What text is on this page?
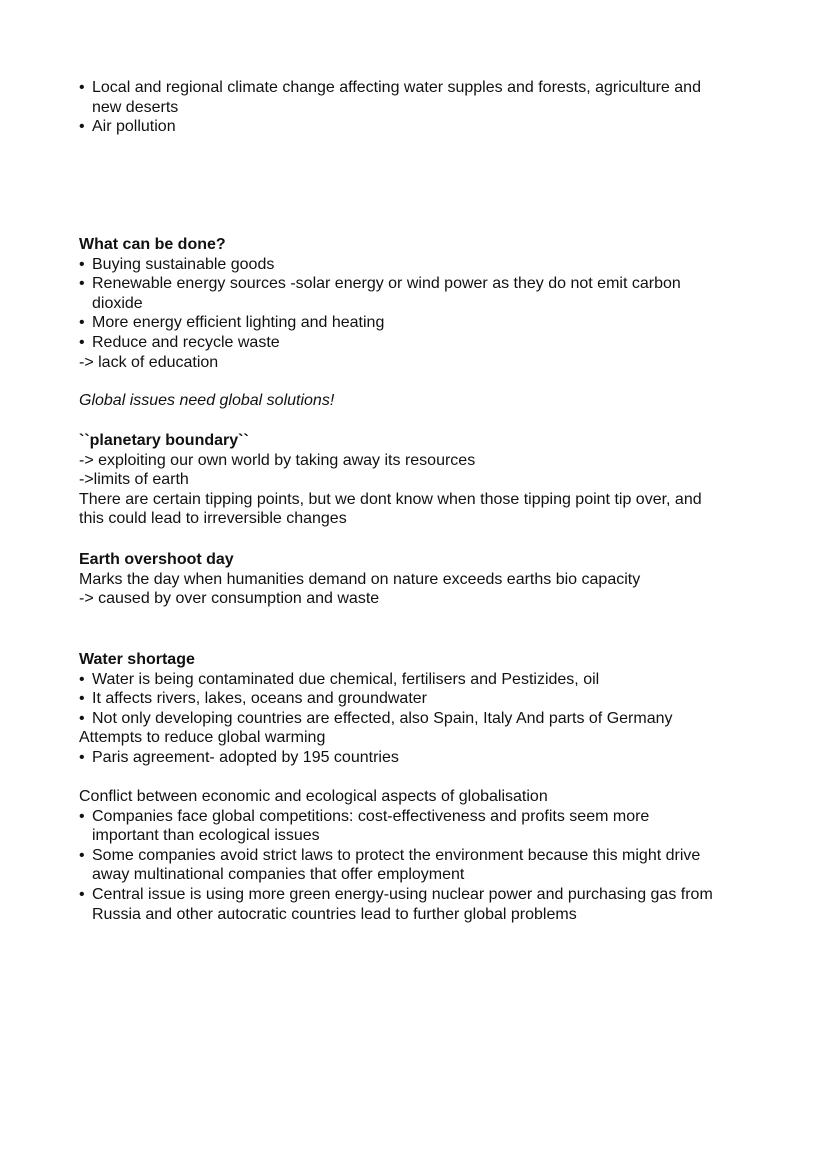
• Local and regional climate change affecting water supples and forests, agriculture and
new deserts
• Air pollution
What can be done?
• Buying sustainable goods
• Renewable energy sources -solar energy or wind power as they do not emit carbon
dioxide
• More energy efficient lighting and heating
• Reduce and recycle waste
-> lack of education
Global issues need global solutions!
``planetary boundary``
-> exploiting our own world by taking away its resources
->limits of earth
There are certain tipping points, but we dont know when those tipping point tip over, and
this could lead to irreversible changes
Earth overshoot day
Marks the day when humanities demand on nature exceeds earths bio capacity
-> caused by over consumption and waste
Water shortage
• Water is being contaminated due chemical, fertilisers and Pestizides, oil
• It affects rivers, lakes, oceans and groundwater
• Not only developing countries are effected, also Spain, Italy And parts of Germany
Attempts to reduce global warming
• Paris agreement- adopted by 195 countries
Conflict between economic and ecological aspects of globalisation
• Companies face global competitions: cost-effectiveness and profits seem more
important than ecological issues
• Some companies avoid strict laws to protect the environment because this might drive
away multinational companies that offer employment
• Central issue is using more green energy-using nuclear power and purchasing gas from
Russia and other autocratic countries lead to further global problems
